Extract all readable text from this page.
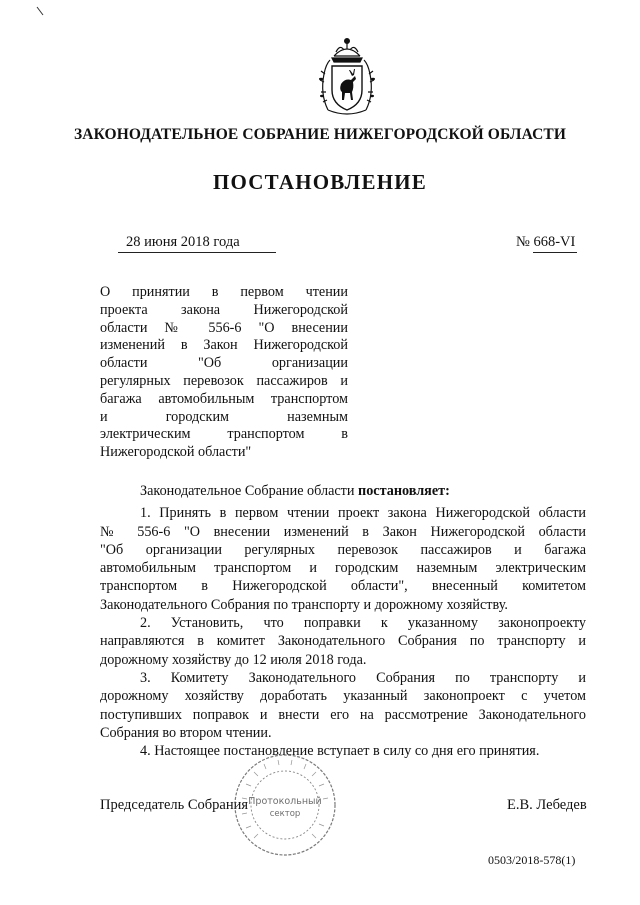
ЗАКОНОДАТЕЛЬНОЕ СОБРАНИЕ НИЖЕГОРОДСКОЙ ОБЛАСТИ
ПОСТАНОВЛЕНИЕ
28 июня 2018 года	№ 668-VI
О принятии в первом чтении
проекта закона Нижегородской
области № 556-6 "О внесении
изменений в Закон Нижегородской
области "Об организации
регулярных перевозок пассажиров и
багажа автомобильным транспортом
и городским наземным
электрическим транспортом в
Нижегородской области"
Законодательное Собрание области постановляет:
1. Принять в первом чтении проект закона Нижегородской области
№ 556-6 "О внесении изменений в Закон Нижегородской области
"Об организации регулярных перевозок пассажиров и багажа
автомобильным транспортом и городским наземным электрическим
транспортом в Нижегородской области", внесенный комитетом
Законодательного Собрания по транспорту и дорожному хозяйству.
2. Установить, что поправки к указанному законопроекту
направляются в комитет Законодательного Собрания по транспорту и
дорожному хозяйству до 12 июля 2018 года.
3. Комитету Законодательного Собрания по транспорту и
дорожному хозяйству доработать указанный законопроект с учетом
поступивших поправок и внести его на рассмотрение Законодательного
Собрания во втором чтении.
4. Настоящее постановление вступает в силу со дня его принятия.
Председатель Собрания Протокольный
сектор
Е.В. Лебедев
0503/2018-578(1)
